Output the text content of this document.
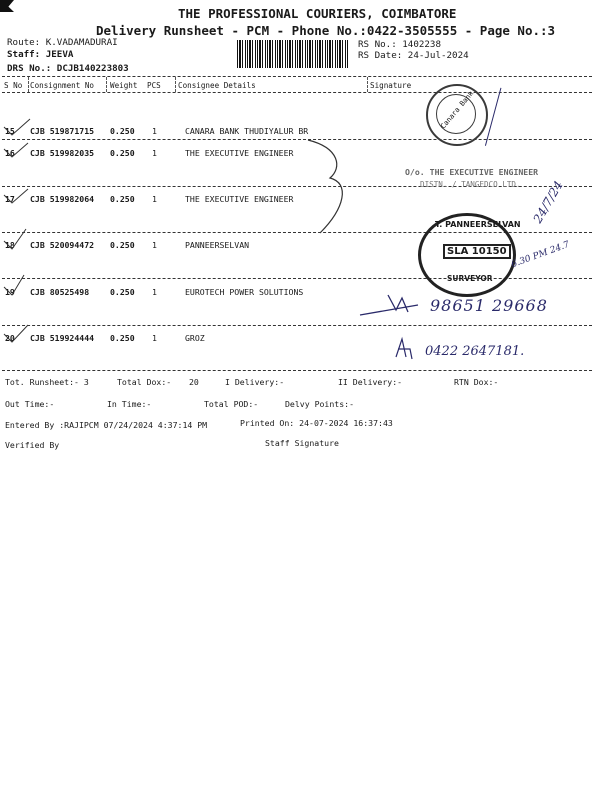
THE PROFESSIONAL COURIERS, COIMBATORE
Delivery Runsheet - PCM - Phone No.:0422-3505555 - Page No.:3
Route: K.VADAMADURAI
Staff: JEEVA
DRS No.: DCJB140223803
RS No.: 1402238
RS Date: 24-Jul-2024
S No Consignment No Weight PCS Consignee Details	Signature
15 CJB 519871715 0.250 1	CANARA BANK THUDIYALUR BR
16 CJB 519982035 0.250 1	THE EXECUTIVE ENGINEER
17 CJB 519982064 0.250 1	THE EXECUTIVE ENGINEER
18 CJB 520094472 0.250 1	PANNEERSELVAN
19 CJB 80525498	0.250 1	EUROTECH POWER SOLUTIONS
20 CJB 519924444 0.250 1	GROZ
Canara Bank
O/o. THE EXECUTIVE ENGINEER
DISTN. / TANGEDCO LTD. 24/7/24
T. PANNEERSELVAN
SLA 10150
SURVEYOR
6.30 PM 24.7
98651 29668
0422 2647181.
Tot. Runsheet:- 3	Total Dox:- 20	I Delivery:-	II Delivery:-	RTN Dox:-
Out Time:-	In Time:-	Total POD:-	Delvy Points:-
Entered By :RAJIPCM 07/24/2024 4:37:14 PM	Printed On: 24-07-2024 16:37:43
Verified By	Staff Signature
